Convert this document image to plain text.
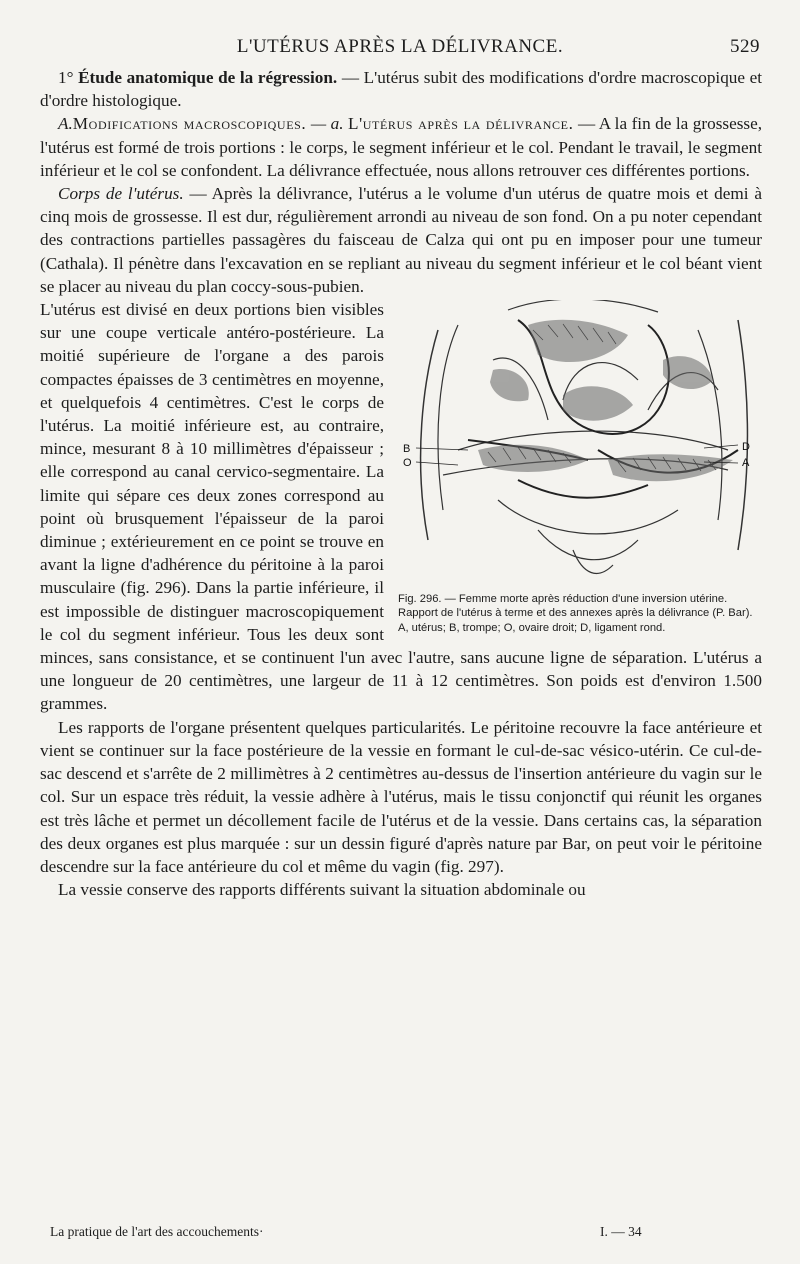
L'UTÉRUS APRÈS LA DÉLIVRANCE.	529

1° Étude anatomique de la régression. — L'utérus subit des modifications d'ordre macroscopique et d'ordre histologique.

A.Modifications macroscopiques. — a. L'utérus après la délivrance. — A la fin de la grossesse, l'utérus est formé de trois portions : le corps, le segment inférieur et le col. Pendant le travail, le segment inférieur et le col se confondent. La délivrance effectuée, nous allons retrouver ces différentes portions.

Corps de l'utérus. — Après la délivrance, l'utérus a le volume d'un utérus de quatre mois et demi à cinq mois de grossesse. Il est dur, régulièrement arrondi au niveau de son fond. On a pu noter cependant des contractions partielles passagères du faisceau de Calza qui ont pu en imposer pour une tumeur (Cathala). Il pénètre dans l'excavation en se repliant au niveau du segment inférieur et le col béant vient se placer au niveau du plan coccy-sous-pubien.

B
O
D
A
Fig. 296. — Femme morte après réduction d'une inversion utérine. Rapport de l'utérus à terme et des annexes après la délivrance (P. Bar).
A, utérus; B, trompe; O, ovaire droit; D, ligament rond.

L'utérus est divisé en deux portions bien visibles sur une coupe verticale antéro-postérieure. La moitié supérieure de l'organe a des parois compactes épaisses de 3 centimètres en moyenne, et quelquefois 4 centimètres. C'est le corps de l'utérus. La moitié inférieure est, au contraire, mince, mesurant 8 à 10 millimètres d'épaisseur ; elle correspond au canal cervico-segmentaire. La limite qui sépare ces deux zones correspond au point où brusquement l'épaisseur de la paroi diminue ; extérieurement en ce point se trouve en avant la ligne d'adhérence du péritoine à la paroi musculaire (fig. 296). Dans la partie inférieure, il est impossible de distinguer macroscopiquement le col du segment inférieur. Tous les deux sont minces, sans consistance, et se continuent l'un avec l'autre, sans aucune ligne de séparation. L'utérus a une longueur de 20 centimètres, une largeur de 11 à 12 centimètres. Son poids est d'environ 1.500 grammes.

Les rapports de l'organe présentent quelques particularités. Le péritoine recouvre la face antérieure et vient se continuer sur la face postérieure de la vessie en formant le cul-de-sac vésico-utérin. Ce cul-de-sac descend et s'arrête de 2 millimètres à 2 centimètres au-dessus de l'insertion antérieure du vagin sur le col. Sur un espace très réduit, la vessie adhère à l'utérus, mais le tissu conjonctif qui réunit les organes est très lâche et permet un décollement facile de l'utérus et de la vessie. Dans certains cas, la séparation des deux organes est plus marquée : sur un dessin figuré d'après nature par Bar, on peut voir le péritoine descendre sur la face antérieure du col et même du vagin (fig. 297).

La vessie conserve des rapports différents suivant la situation abdominale ou

La pratique de l'art des accouchements·	I. — 34
